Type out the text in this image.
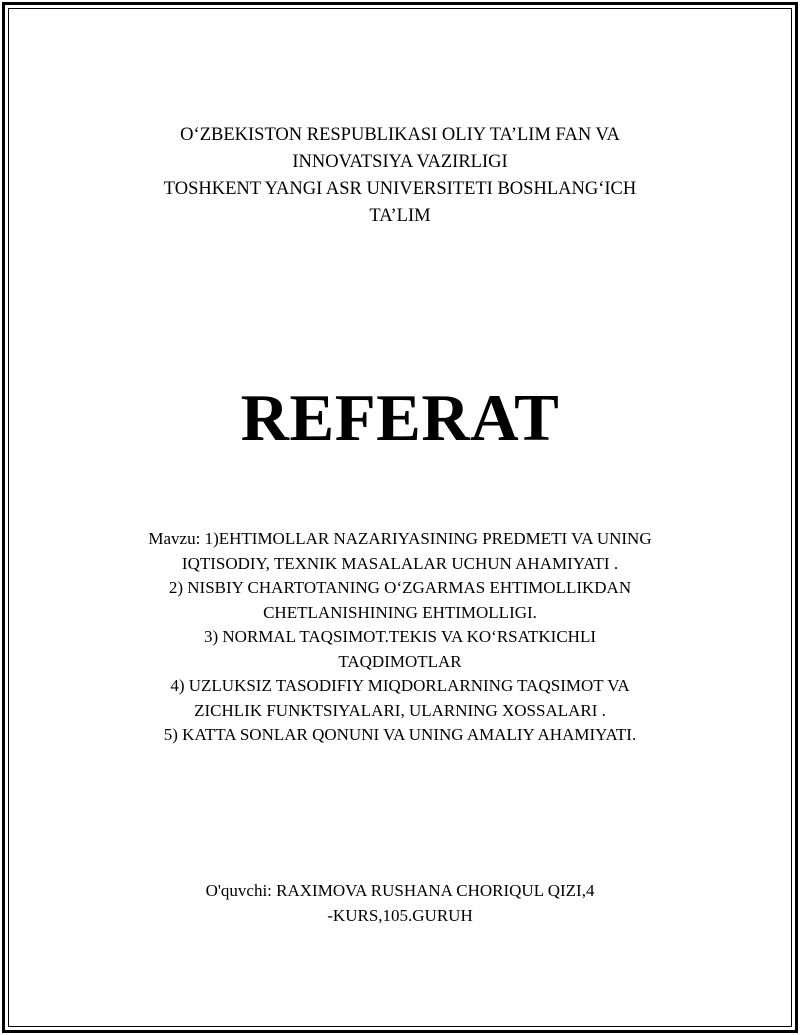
O‘ZBEKISTON RESPUBLIKASI OLIY TA’LIM FAN VA
INNOVATSIYA VAZIRLIGI
TOSHKENT YANGI ASR UNIVERSITETI BOSHLANG‘ICH
TA’LIM
REFERAT
Mavzu: 1)EHTIMOLLAR NAZARIYASINING PREDMETI VA UNING
IQTISODIY, TEXNIK MASALALAR UCHUN AHAMIYATI .
2) NISBIY CHARTOTANING O‘ZGARMAS EHTIMOLLIKDAN
CHETLANISHINING EHTIMOLLIGI.
3) NORMAL TAQSIMOT.TEKIS VA KO‘RSATKICHLI
TAQDIMOTLAR
4) UZLUKSIZ TASODIFIY MIQDORLARNING TAQSIMOT VA
ZICHLIK FUNKTSIYALARI, ULARNING XOSSALARI .
5) KATTA SONLAR QONUNI VA UNING AMALIY AHAMIYATI.
O'quvchi: RAXIMOVA RUSHANA CHORIQUL QIZI,4
-KURS,105.GURUH
